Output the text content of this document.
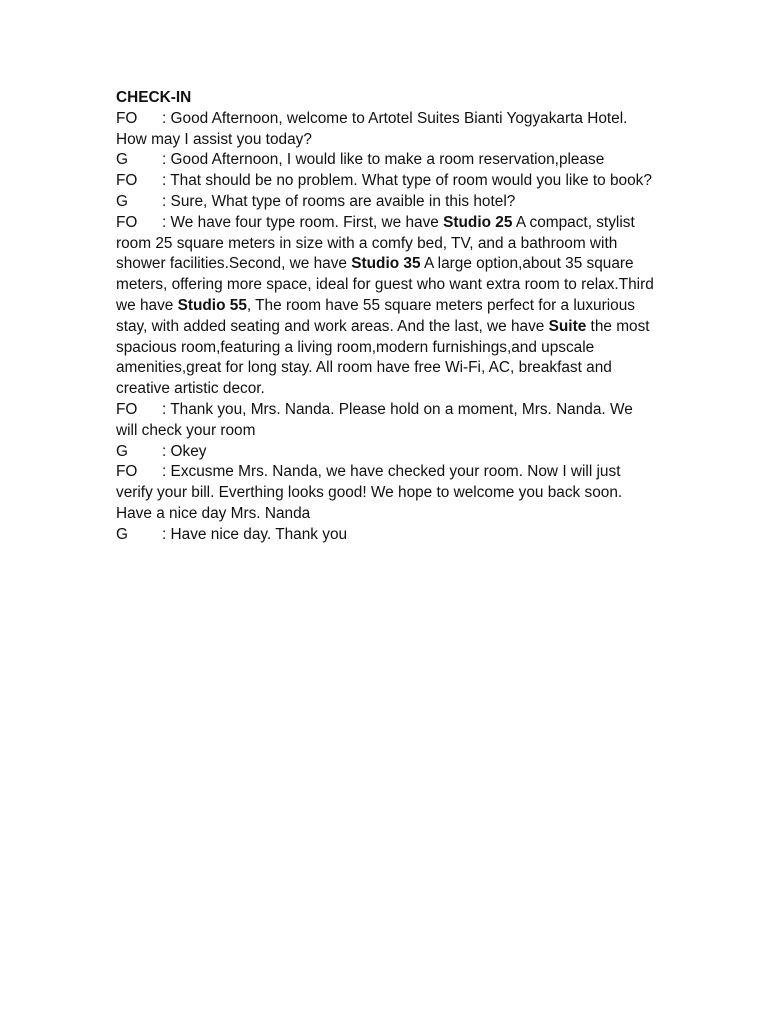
CHECK-IN

FO : Good Afternoon, welcome to Artotel Suites Bianti Yogyakarta Hotel. How may I assist you today?

G : Good Afternoon, I would like to make a room reservation,please

FO : That should be no problem. What type of room would you like to book?

G : Sure, What type of rooms are avaible in this hotel?

FO : We have four type room. First, we have Studio 25 A compact, stylist room 25 square meters in size with a comfy bed, TV, and a bathroom with shower facilities.Second, we have Studio 35 A large option,about 35 square meters, offering more space, ideal for guest who want extra room to relax.Third we have Studio 55, The room have 55 square meters perfect for a luxurious stay, with added seating and work areas. And the last, we have Suite the most spacious room,featuring a living room,modern furnishings,and upscale amenities,great for long stay. All room have free Wi-Fi, AC, breakfast and creative artistic decor.

FO : Thank you, Mrs. Nanda. Please hold on a moment, Mrs. Nanda. We will check your room

G : Okey

FO : Excusme Mrs. Nanda, we have checked your room. Now I will just verify your bill. Everthing looks good! We hope to welcome you back soon. Have a nice day Mrs. Nanda

G : Have nice day. Thank you
